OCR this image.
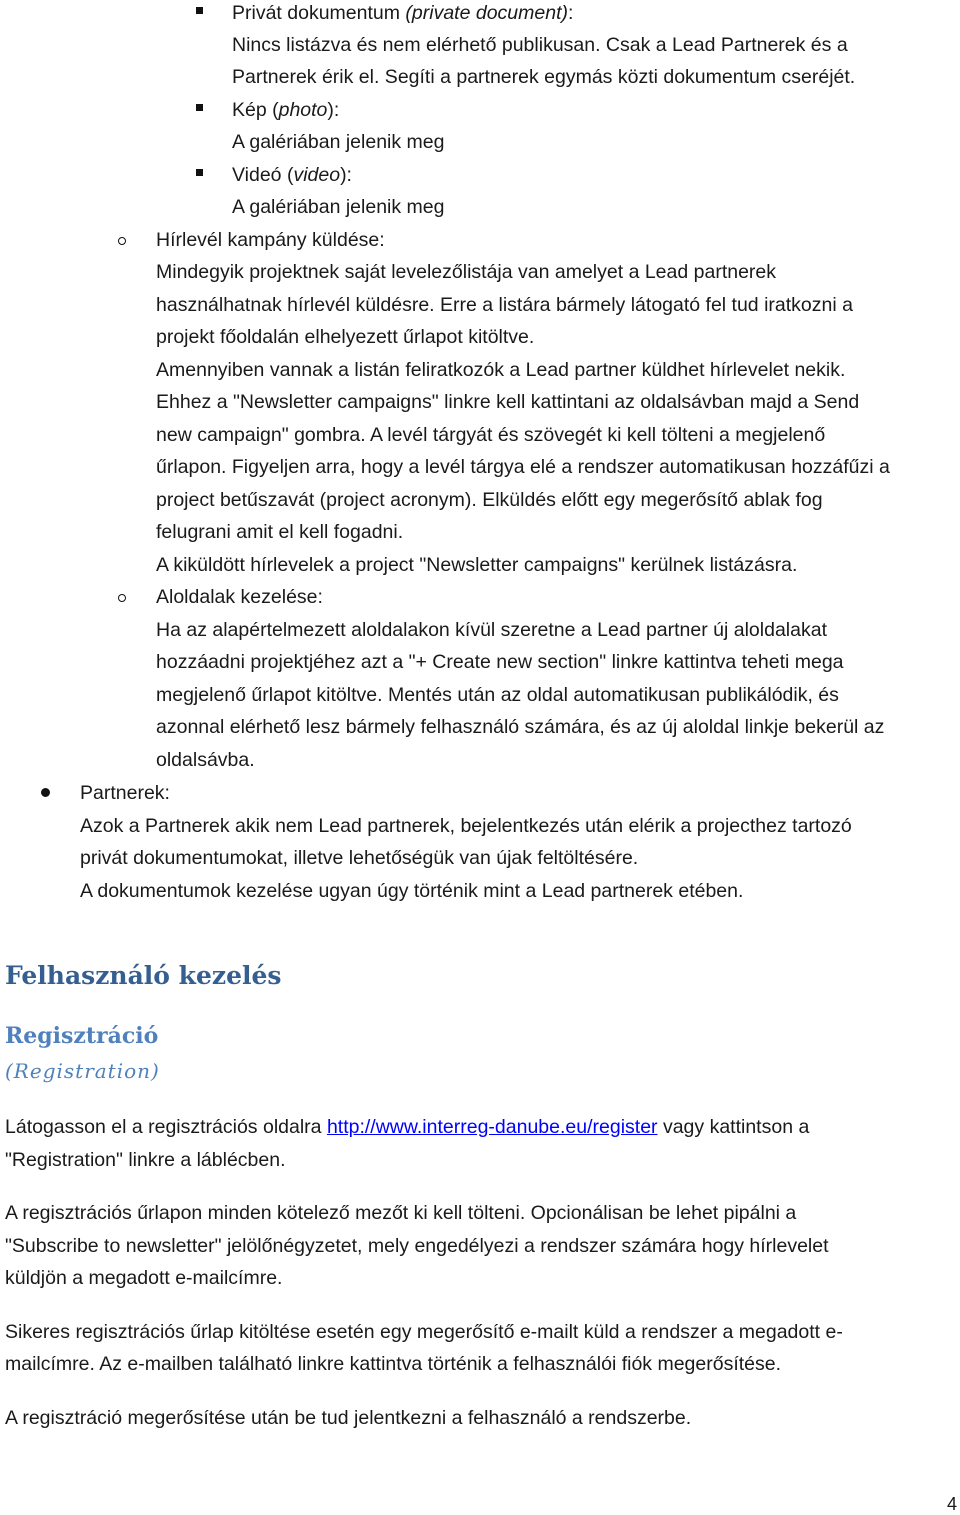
Privát dokumentum (private document):
Nincs listázva és nem elérhető publikusan. Csak a Lead Partnerek és a
Partnerek érik el. Segíti a partnerek egymás közti dokumentum cseréjét.
Kép (photo):
A galériában jelenik meg
Videó (video):
A galériában jelenik meg
Hírlevél kampány küldése:
Mindegyik projektnek saját levelezőlistája van amelyet a Lead partnerek
használhatnak hírlevél küldésre. Erre a listára bármely látogató fel tud iratkozni a
projekt főoldalán elhelyezett űrlapot kitöltve.
Amennyiben vannak a listán feliratkozók a Lead partner küldhet hírlevelet nekik.
Ehhez a "Newsletter campaigns" linkre kell kattintani az oldalsávban majd a Send
new campaign" gombra. A levél tárgyát és szövegét ki kell tölteni a megjelenő
űrlapon. Figyeljen arra, hogy a levél tárgya elé a rendszer automatikusan hozzáfűzi a
project betűszavát (project acronym). Elküldés előtt egy megerősítő ablak fog
felugrani amit el kell fogadni.
A kiküldött hírlevelek a project "Newsletter campaigns" kerülnek listázásra.
Aloldalak kezelése:
Ha az alapértelmezett aloldalakon kívül szeretne a Lead partner új aloldalakat
hozzáadni projektjéhez azt a "+ Create new section" linkre kattintva teheti mega
megjelenő űrlapot kitöltve. Mentés után az oldal automatikusan publikálódik, és
azonnal elérhető lesz bármely felhasználó számára, és az új aloldal linkje bekerül az
oldalsávba.
Partnerek:
Azok a Partnerek akik nem Lead partnerek, bejelentkezés után elérik a projecthez tartozó
privát dokumentumokat, illetve lehetőségük van újak feltöltésére.
A dokumentumok kezelése ugyan úgy történik mint a Lead partnerek etében.
Felhasználó kezelés
Regisztráció
(Registration)
Látogasson el a regisztrációs oldalra http://www.interreg-danube.eu/register vagy kattintson a
"Registration" linkre a láblécben.
A regisztrációs űrlapon minden kötelező mezőt ki kell tölteni. Opcionálisan be lehet pipálni a
"Subscribe to newsletter" jelölőnégyzetet, mely engedélyezi a rendszer számára hogy hírlevelet
küldjön a megadott e-mailcímre.
Sikeres regisztrációs űrlap kitöltése esetén egy megerősítő e-mailt küld a rendszer a megadott e-
mailcímre. Az e-mailben található linkre kattintva történik a felhasználói fiók megerősítése.
A regisztráció megerősítése után be tud jelentkezni a felhasználó a rendszerbe.
4
